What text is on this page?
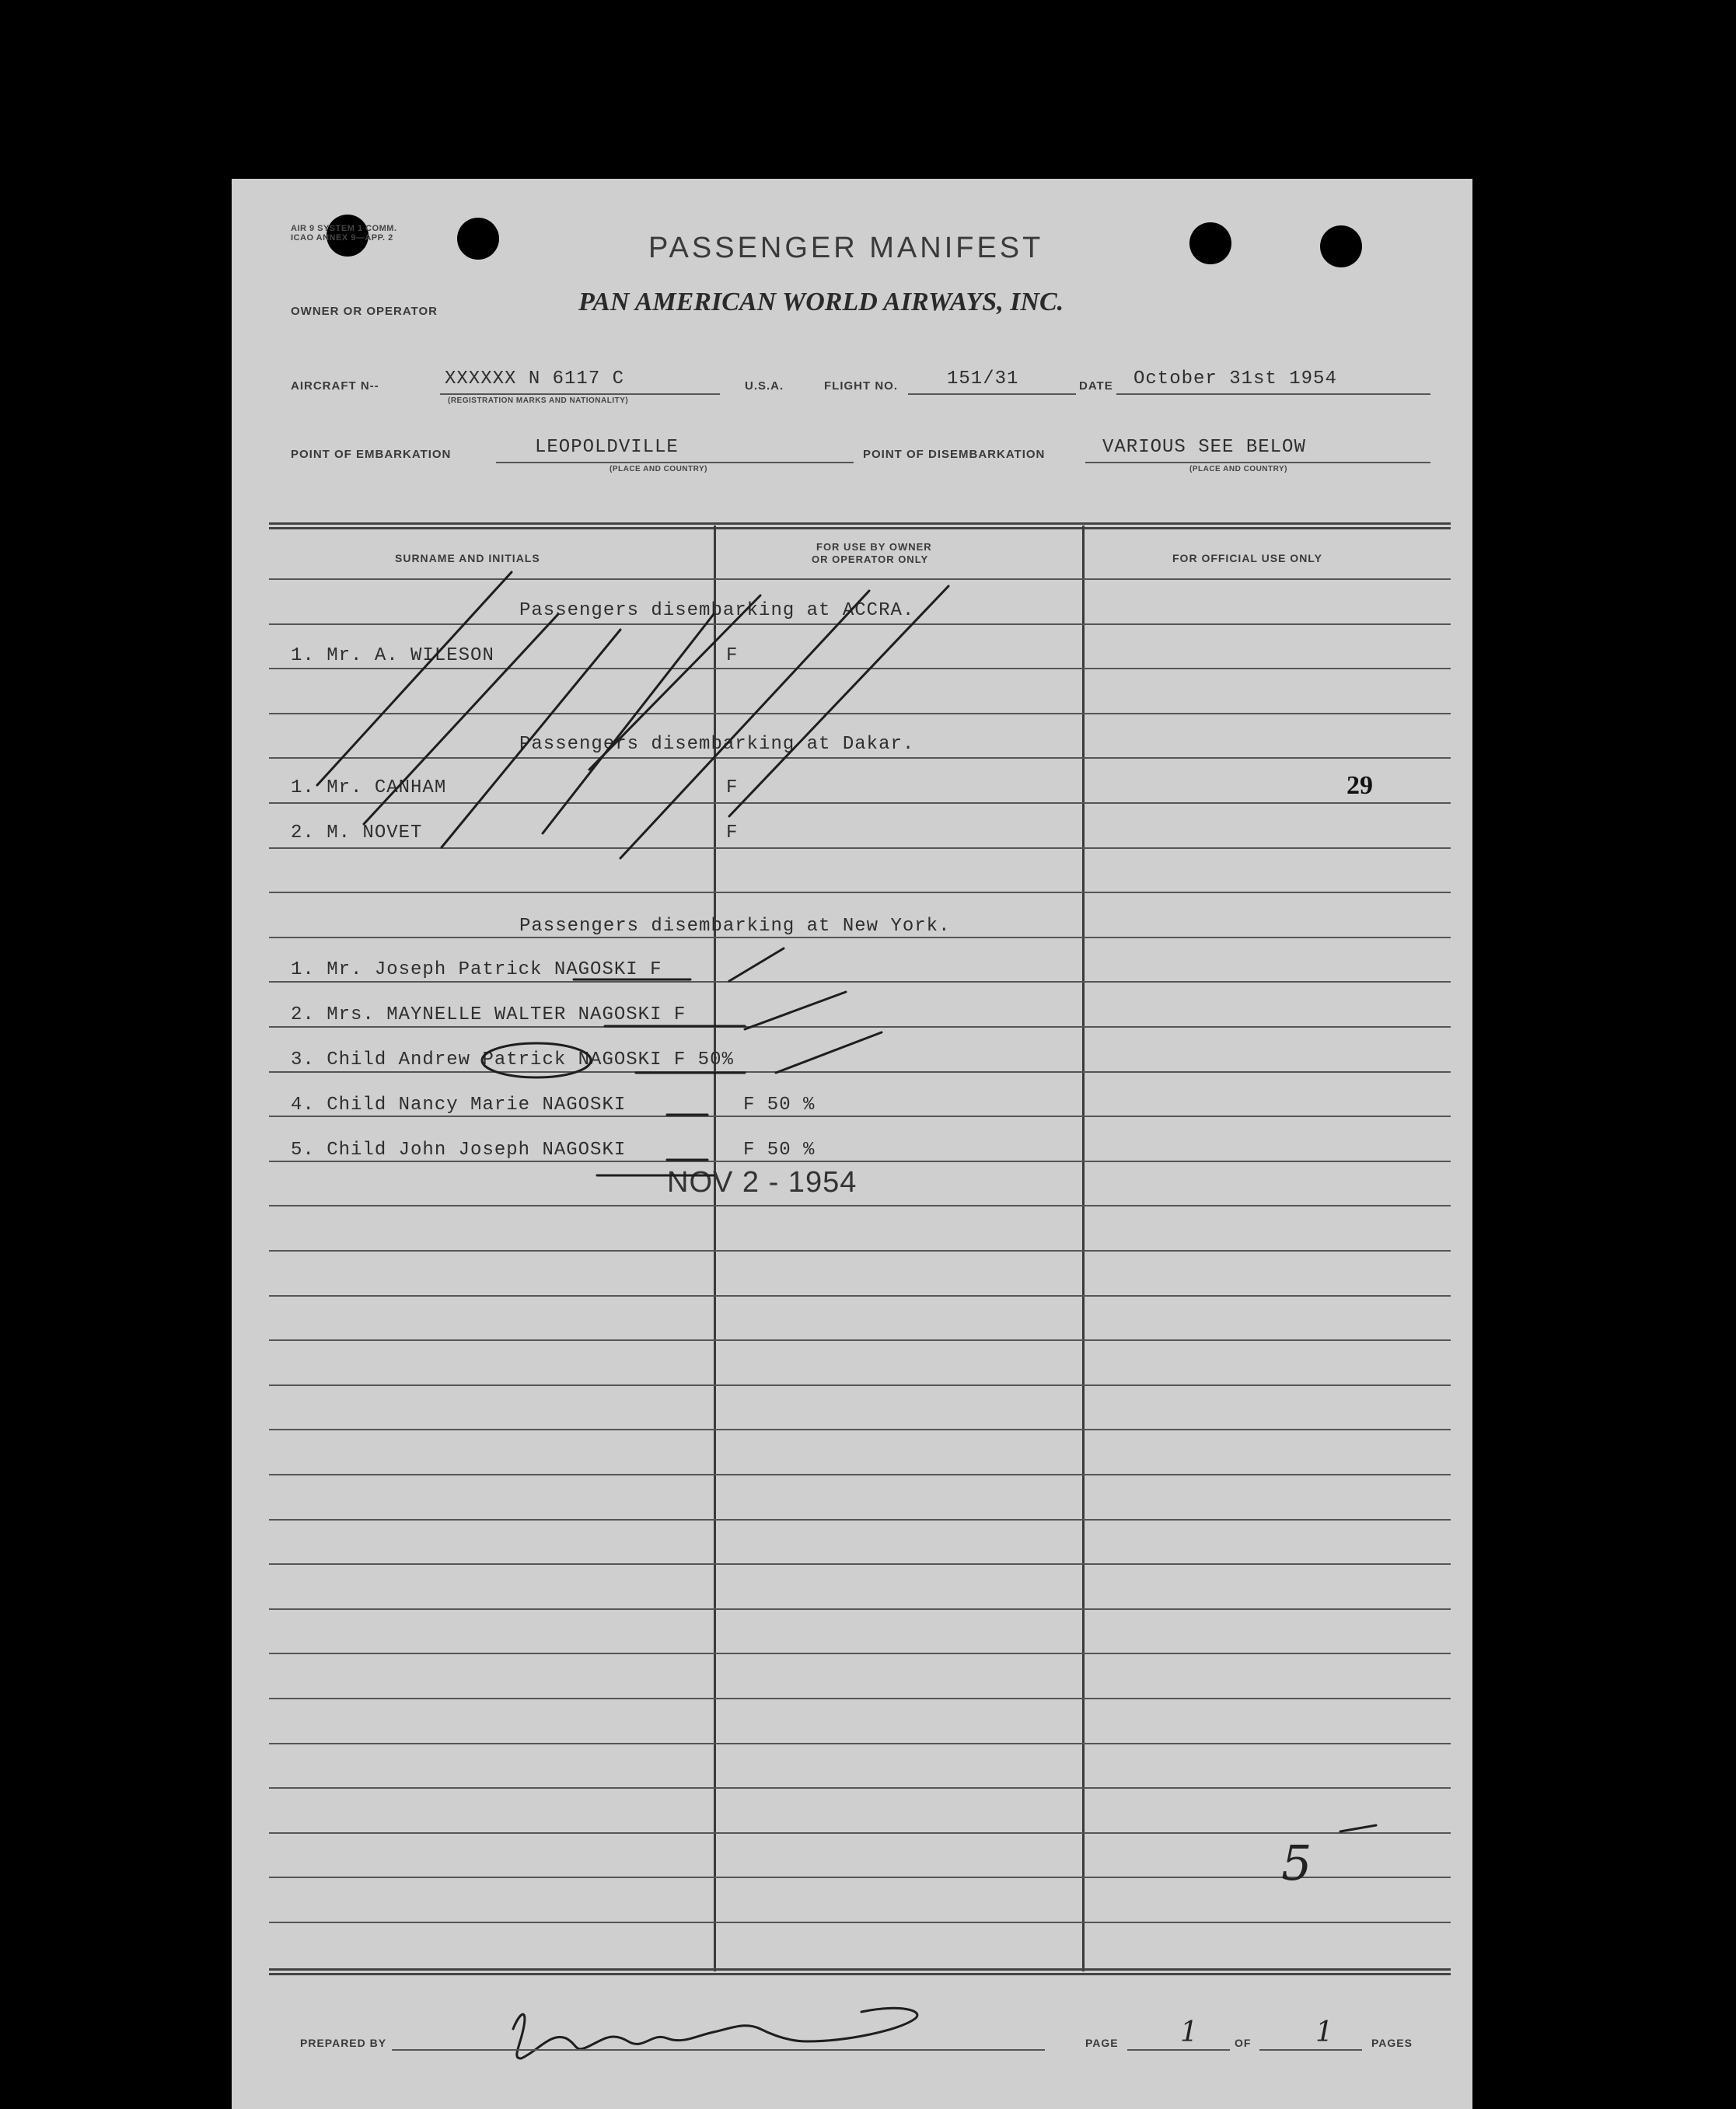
AIR 9 SYSTEM 1 COMM. ICAO ANNEX 9—APP. 2	PASSENGER MANIFEST
OWNER OR OPERATOR	PAN AMERICAN WORLD AIRWAYS, INC.
AIRCRAFT N--	XXXXXX N 6117 C
(REGISTRATION MARKS AND NATIONALITY)
U.S.A.	FLIGHT NO.	151/31	DATE October 31st 1954
POINT OF EMBARKATION	LEOPOLDVILLE
(PLACE AND COUNTRY)
POINT OF DISEMBARKATION	VARIOUS SEE BELOW
(PLACE AND COUNTRY)
SURNAME AND INITIALS
FOR USE BY OWNER
OR OPERATOR ONLY	FOR OFFICIAL USE ONLY
Passengers disembarking at ACCRA.
1. Mr. A. WILESON	F
Passengers disembarking at Dakar.
1. Mr. CANHAM	F
2. M. NOVET	F
29
Passengers disembarking at New York.
1. Mr. Joseph Patrick NAGOSKI F
2. Mrs. MAYNELLE WALTER NAGOSKI F
3. Child Andrew Patrick NAGOSKI F 50%
4. Child Nancy Marie NAGOSKI	F 50 %
5. Child John Joseph NAGOSKI	F 50 %
NOV 2 - 1954
5
PREPARED BY	PAGE 1	OF 1	PAGES
